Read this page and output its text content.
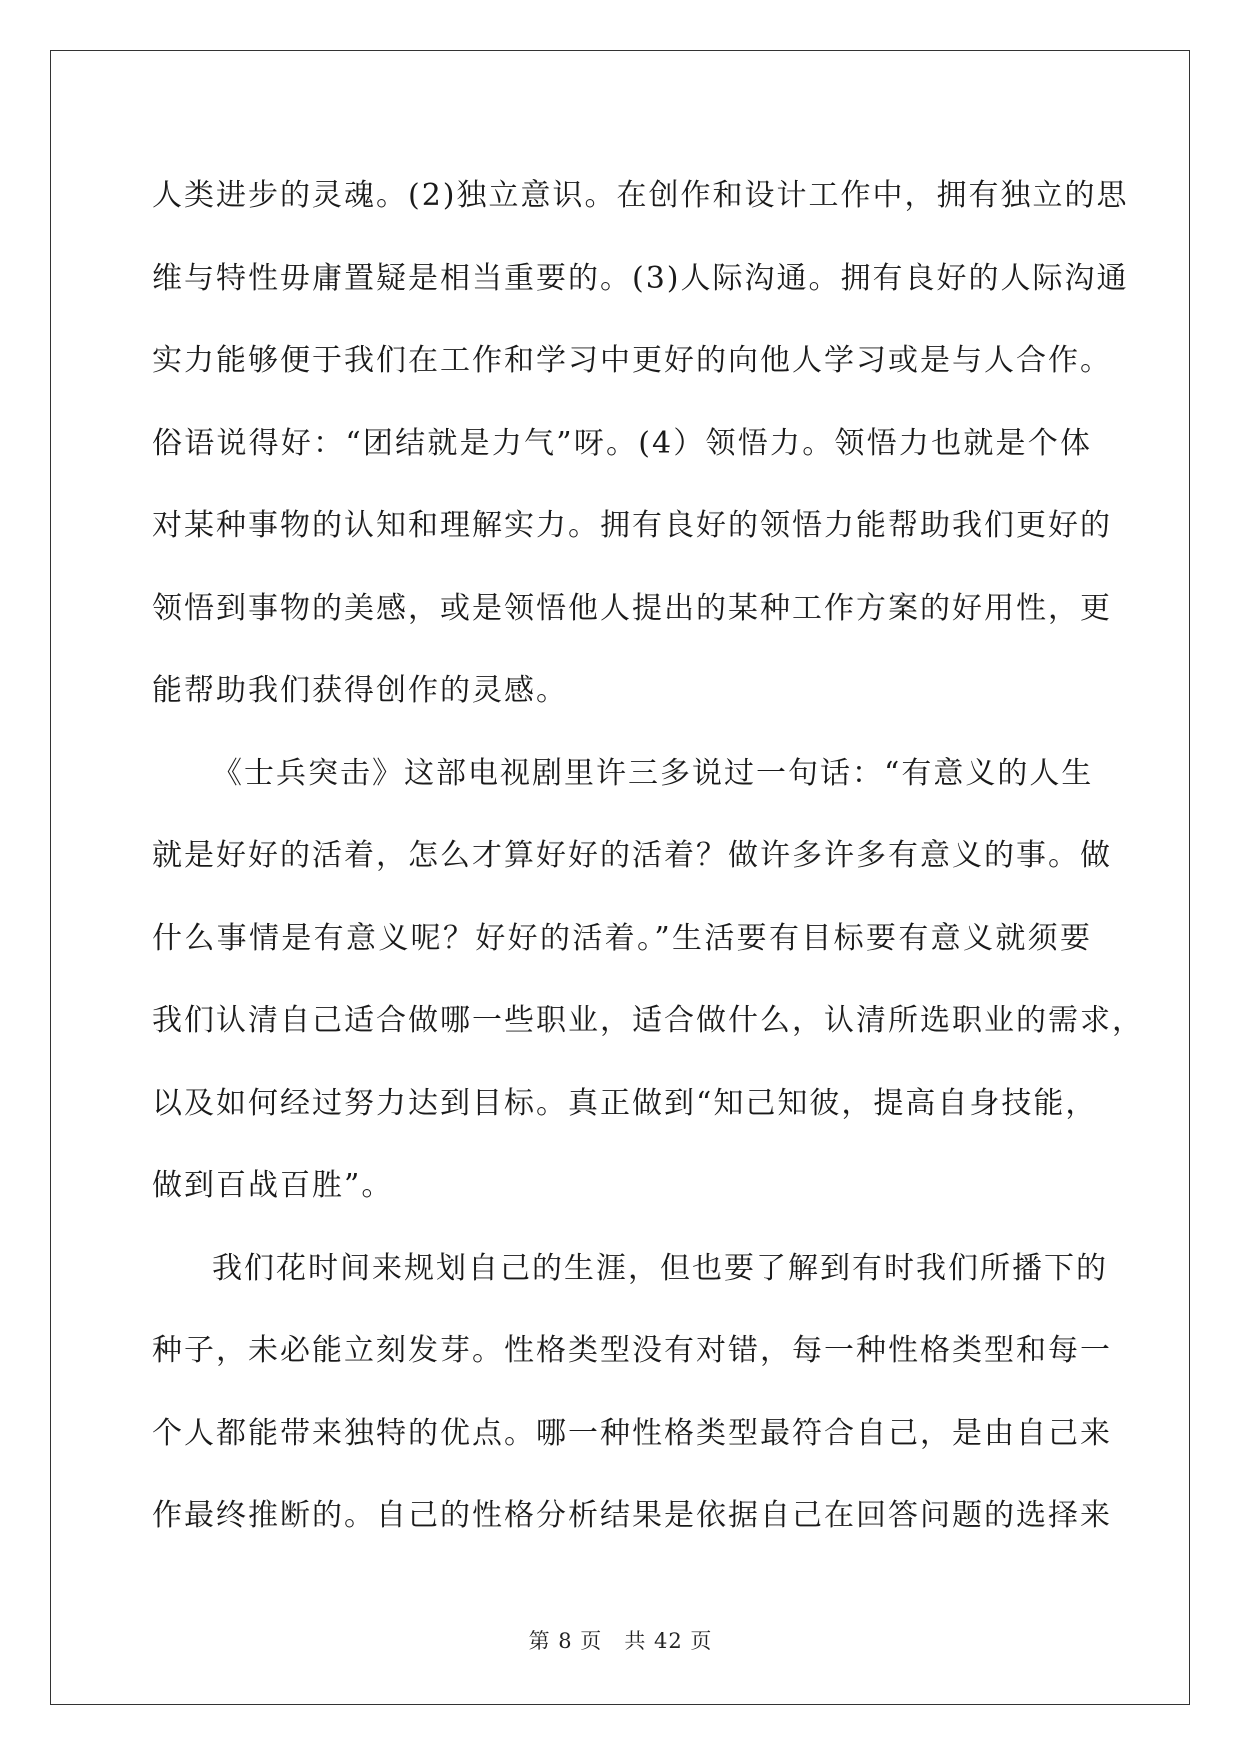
人类进步的灵魂。(2)独立意识。在创作和设计工作中，拥有独立的思
维与特性毋庸置疑是相当重要的。(3)人际沟通。拥有良好的人际沟通
实力能够便于我们在工作和学习中更好的向他人学习或是与人合作。
俗语说得好：“团结就是力气”呀。(4）领悟力。领悟力也就是个体
对某种事物的认知和理解实力。拥有良好的领悟力能帮助我们更好的
领悟到事物的美感，或是领悟他人提出的某种工作方案的好用性，更
能帮助我们获得创作的灵感。
《士兵突击》这部电视剧里许三多说过一句话：“有意义的人生
就是好好的活着，怎么才算好好的活着？做许多许多有意义的事。做
什么事情是有意义呢？好好的活着。”生活要有目标要有意义就须要
我们认清自己适合做哪一些职业，适合做什么，认清所选职业的需求，
以及如何经过努力达到目标。真正做到“知己知彼，提高自身技能，
做到百战百胜”。
我们花时间来规划自己的生涯，但也要了解到有时我们所播下的
种子，未必能立刻发芽。性格类型没有对错，每一种性格类型和每一
个人都能带来独特的优点。哪一种性格类型最符合自己，是由自己来
作最终推断的。自己的性格分析结果是依据自己在回答问题的选择来
第 8 页 共 42 页
